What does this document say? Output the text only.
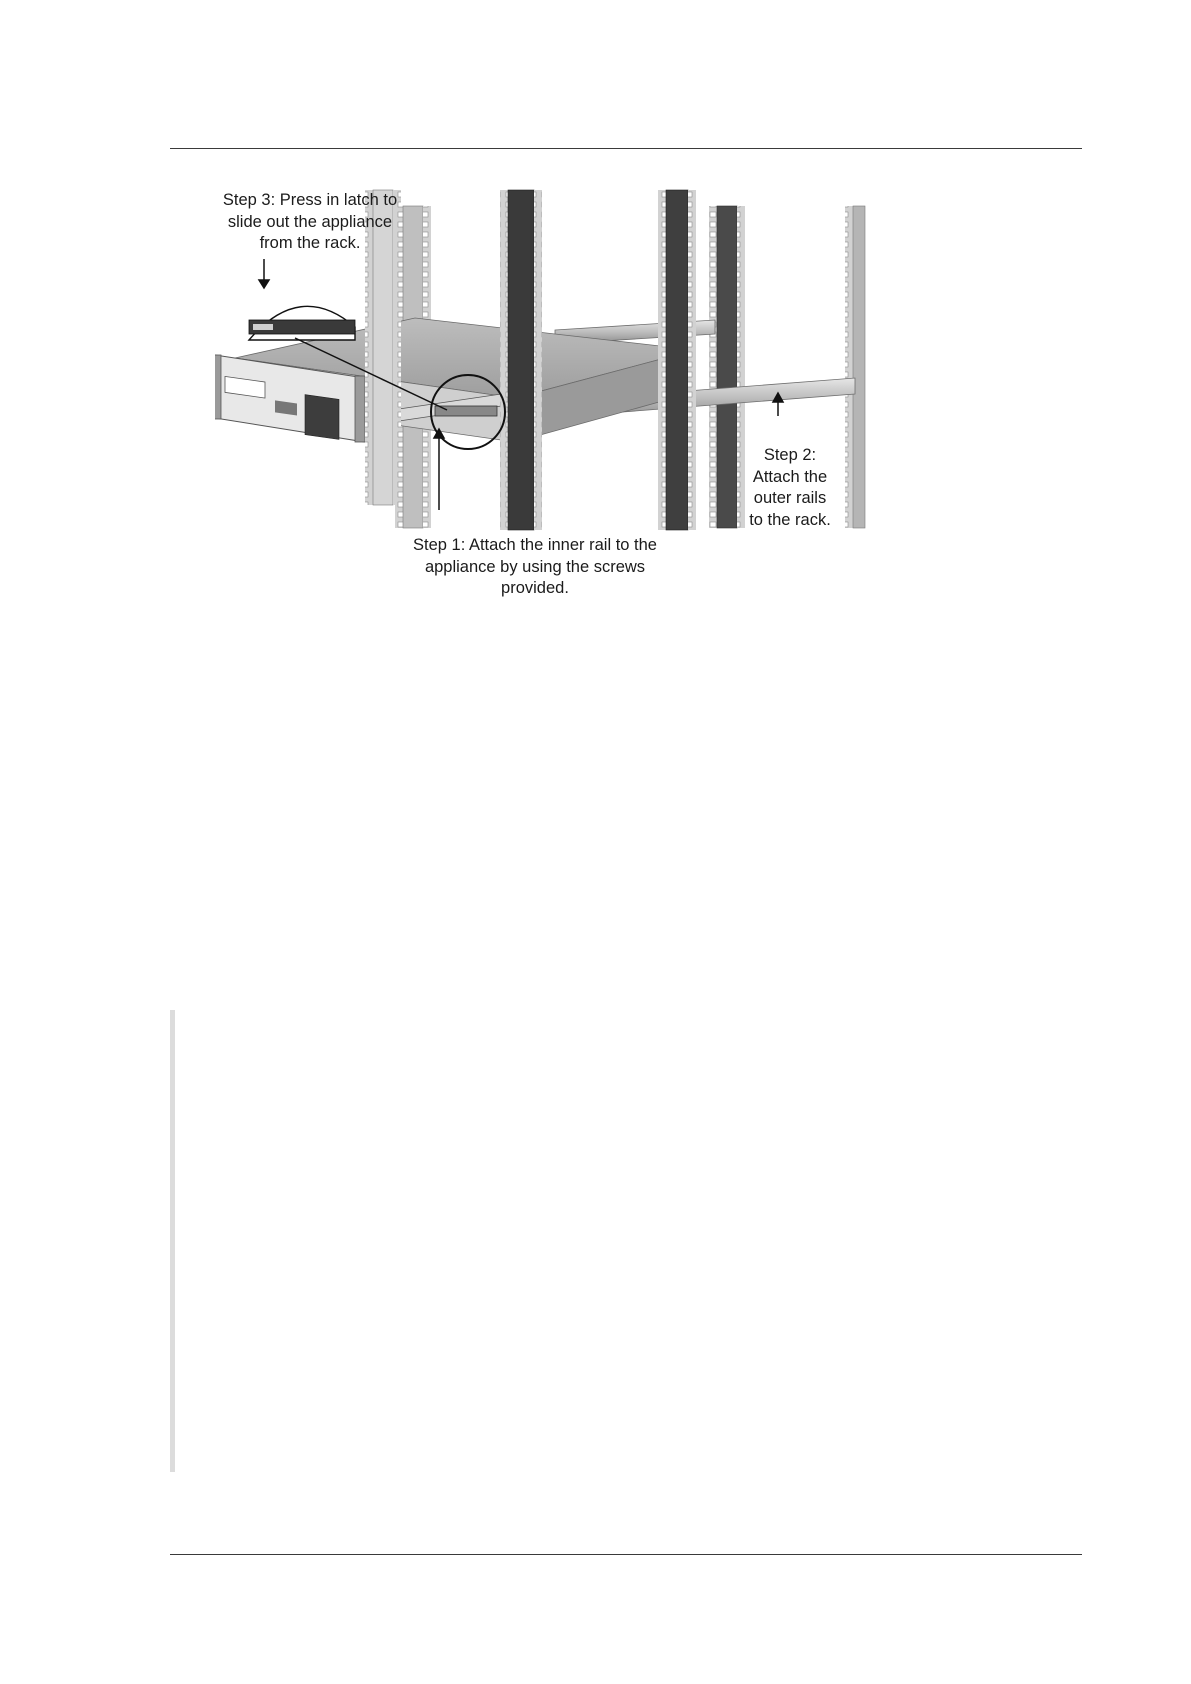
Step 3: Press in latch to slide out the appliance from the rack.
Step 1: Attach the inner rail to the appliance by using the screws provided.
Step 2: Attach the outer rails to the rack.
